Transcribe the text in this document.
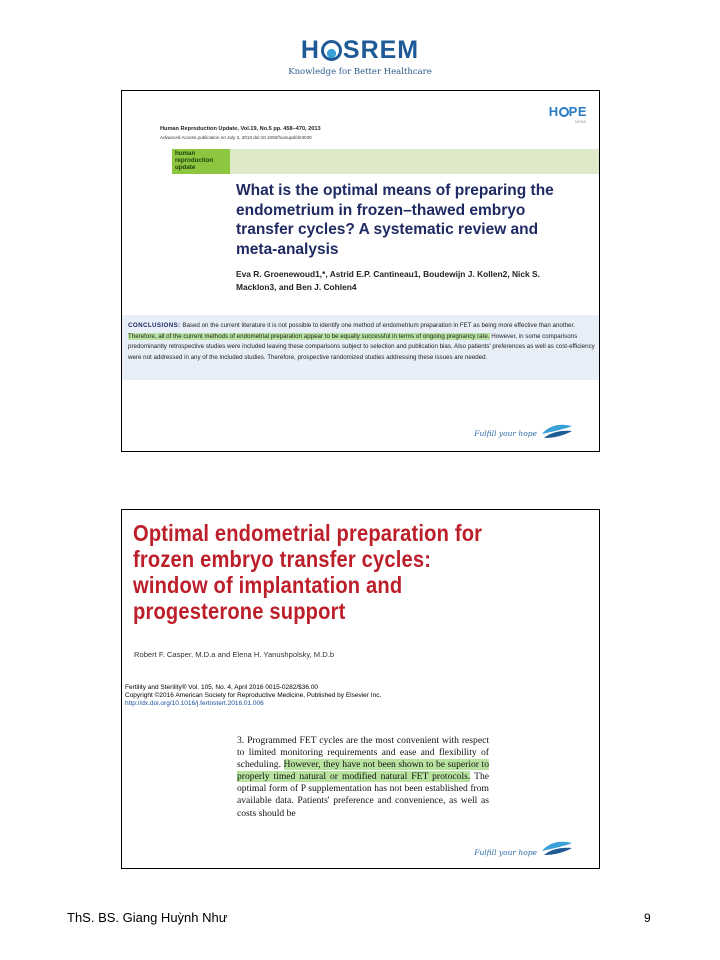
H SREM
Knowledge for Better Healthcare
H PE
IVFAS
Human Reproduction Update, Vol.19, No.5 pp. 458–470, 2013
Advanced Access publication on July 2, 2013 doi:10.1093/humupd/dmt030
human
reproduction
update
What is the optimal means of preparing the endometrium in frozen–thawed embryo transfer cycles? A systematic review and meta-analysis
Eva R. Groenewoud1,*, Astrid E.P. Cantineau1, Boudewijn J. Kollen2, Nick S. Macklon3, and Ben J. Cohlen4
CONCLUSIONS: Based on the current literature it is not possible to identify one method of endometrium preparation in FET as being more effective than another. Therefore, all of the current methods of endometrial preparation appear to be equally successful in terms of ongoing pregnancy rate. However, in some comparisons predominantly retrospective studies were included leaving these comparisons subject to selection and publication bias. Also patients' preferences as well as cost-efficiency were not addressed in any of the included studies. Therefore, prospective randomized studies addressing these issues are needed.
Fulfill your hope
Optimal endometrial preparation for
frozen embryo transfer cycles:
window of implantation and
progesterone support
Robert F. Casper, M.D.a and Elena H. Yanushpolsky, M.D.b
Fertility and Sterility® Vol. 105, No. 4, April 2016 0015-0282/$36.00
Copyright ©2016 American Society for Reproductive Medicine, Published by Elsevier Inc.
http://dx.doi.org/10.1016/j.fertnstert.2016.01.006
3. Programmed FET cycles are the most convenient with respect to limited monitoring requirements and ease and flexibility of scheduling. However, they have not been shown to be superior to properly timed natural or modified natural FET protocols. The optimal form of P supplementation has not been established from available data. Patients' preference and convenience, as well as costs should be
Fulfill your hope
ThS. BS. Giang Huỳnh Như	9
